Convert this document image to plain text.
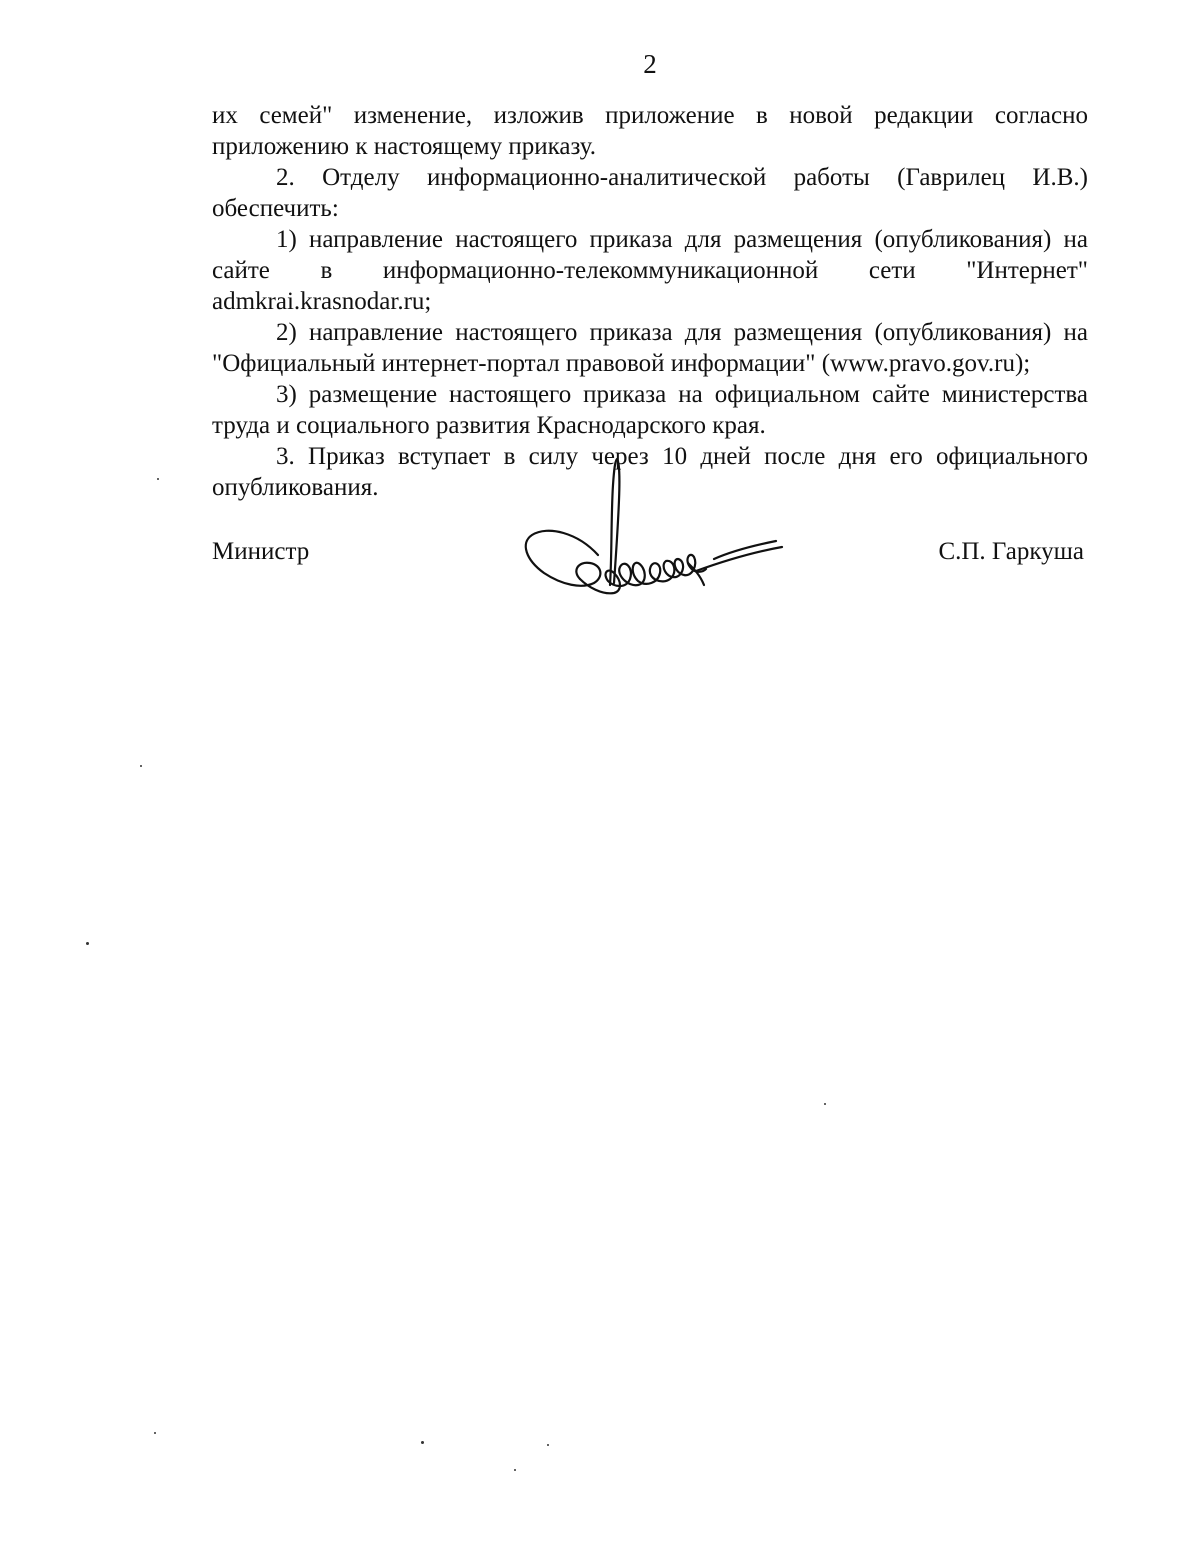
2

их семей" изменение, изложив приложение в новой редакции согласно приложению к настоящему приказу.

2. Отделу информационно-аналитической работы (Гаврилец И.В.) обеспечить:

1) направление настоящего приказа для размещения (опубликования) на сайте в информационно-телекоммуникационной сети "Интернет" admkrai.krasnodar.ru;

2) направление настоящего приказа для размещения (опубликования) на "Официальный интернет-портал правовой информации" (www.pravo.gov.ru);

3) размещение настоящего приказа на официальном сайте министерства труда и социального развития Краснодарского края.

3. Приказ вступает в силу через 10 дней после дня его официального опубликования.

Министр	С.П. Гаркуша
